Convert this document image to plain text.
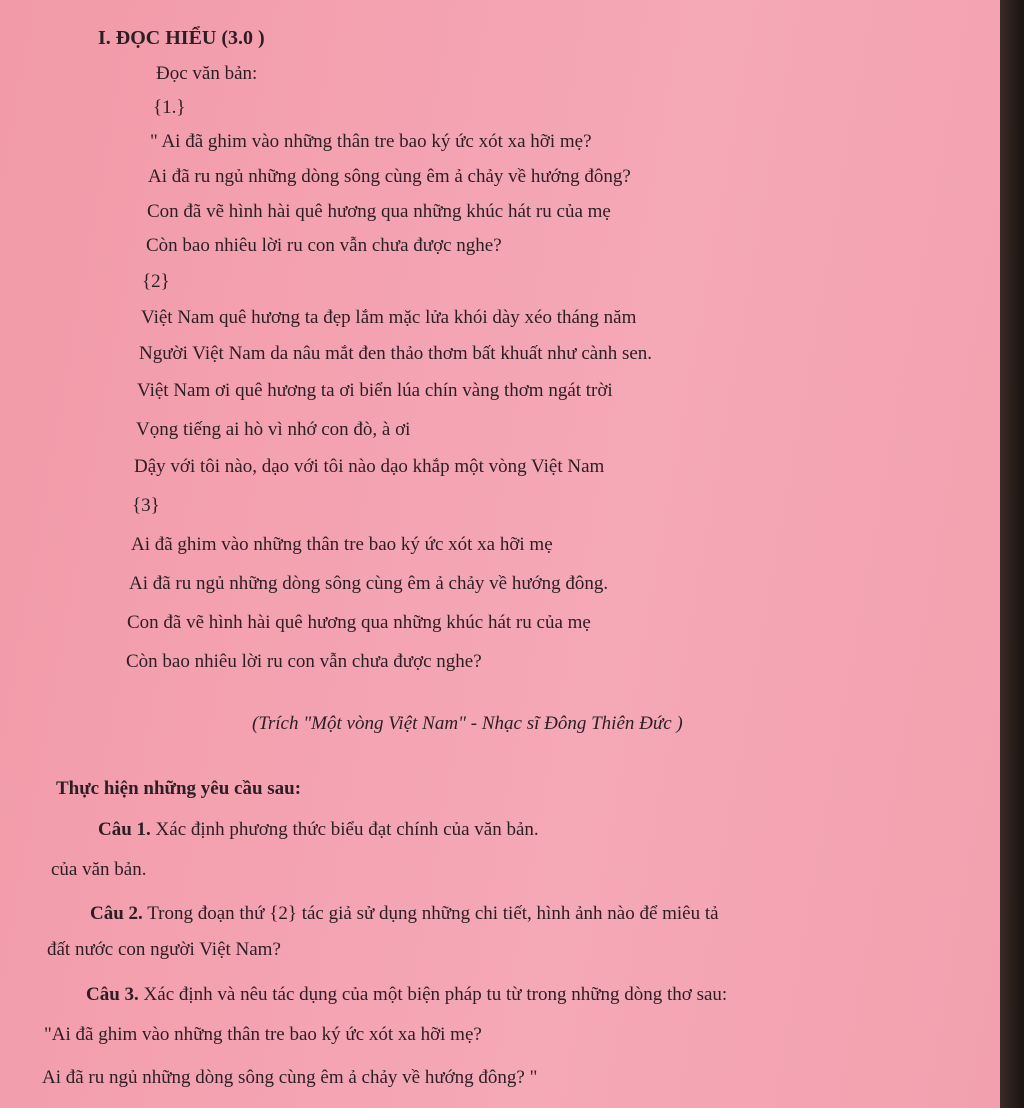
I. ĐỌC HIỂU (3.0 )
Đọc văn bản:
{1.}
" Ai đã ghim vào những thân tre bao ký ức xót xa hỡi mẹ?
Ai đã ru ngủ những dòng sông cùng êm ả chảy về hướng đông?
Con đã vẽ hình hài quê hương qua những khúc hát ru của mẹ
Còn bao nhiêu lời ru con vẫn chưa được nghe?
{2}
Việt Nam quê hương ta đẹp lắm mặc lửa khói dày xéo tháng năm
Người Việt Nam da nâu mắt đen thảo thơm bất khuất như cành sen.
Việt Nam ơi quê hương ta ơi biển lúa chín vàng thơm ngát trời
Vọng tiếng ai hò vì nhớ con đò, à ơi
Dậy với tôi nào, dạo với tôi nào dạo khắp một vòng Việt Nam
{3}
Ai đã ghim vào những thân tre bao ký ức xót xa hỡi mẹ
Ai đã ru ngủ những dòng sông cùng êm ả chảy về hướng đông.
Con đã vẽ hình hài quê hương qua những khúc hát ru của mẹ
Còn bao nhiêu lời ru con vẫn chưa được nghe?
(Trích "Một vòng Việt Nam" - Nhạc sĩ Đông Thiên Đức )
Thực hiện những yêu cầu sau:
Câu 1. Xác định phương thức biểu đạt chính của văn bản.
của văn bản.
Câu 2. Trong đoạn thứ {2} tác giả sử dụng những chi tiết, hình ảnh nào để miêu tả
đất nước con người Việt Nam?
Câu 3. Xác định và nêu tác dụng của một biện pháp tu từ trong những dòng thơ sau:
"Ai đã ghim vào những thân tre bao ký ức xót xa hỡi mẹ?
Ai đã ru ngủ những dòng sông cùng êm ả chảy về hướng đông? "
